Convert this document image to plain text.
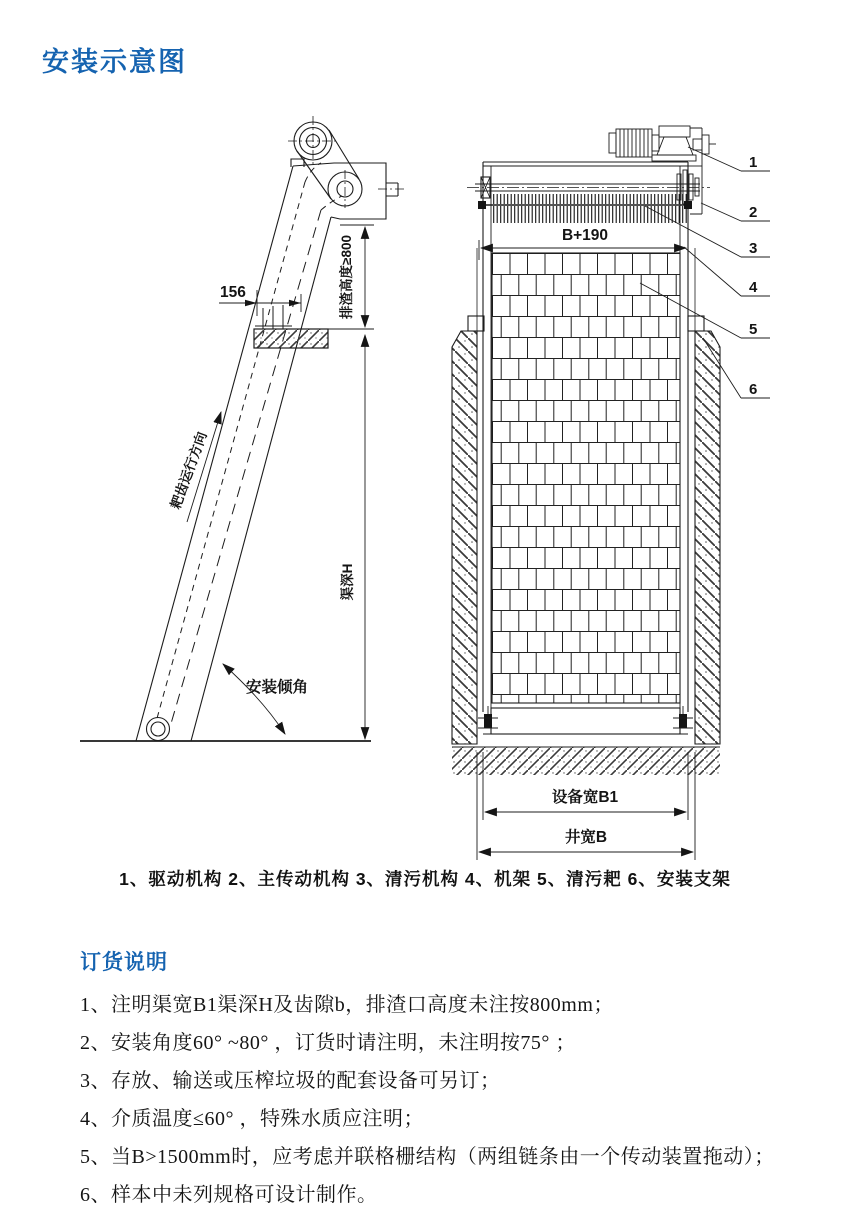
安装示意图
156	排渣高度≥800
渠深H
耙齿运行方向
安装倾角
B+190
设备宽B1
井宽B
1
2
3
4
5
6
1、驱动机构 2、主传动机构 3、清污机构 4、机架 5、清污耙 6、安装支架
订货说明
1、注明渠宽B1渠深H及齿隙b，排渣口高度未注按800mm；
2、安装角度60° ~80° ，订货时请注明，未注明按75° ；
3、存放、输送或压榨垃圾的配套设备可另订；
4、介质温度≤60° ，特殊水质应注明；
5、当B>1500mm时，应考虑并联格栅结构（两组链条由一个传动装置拖动）；
6、样本中未列规格可设计制作。
